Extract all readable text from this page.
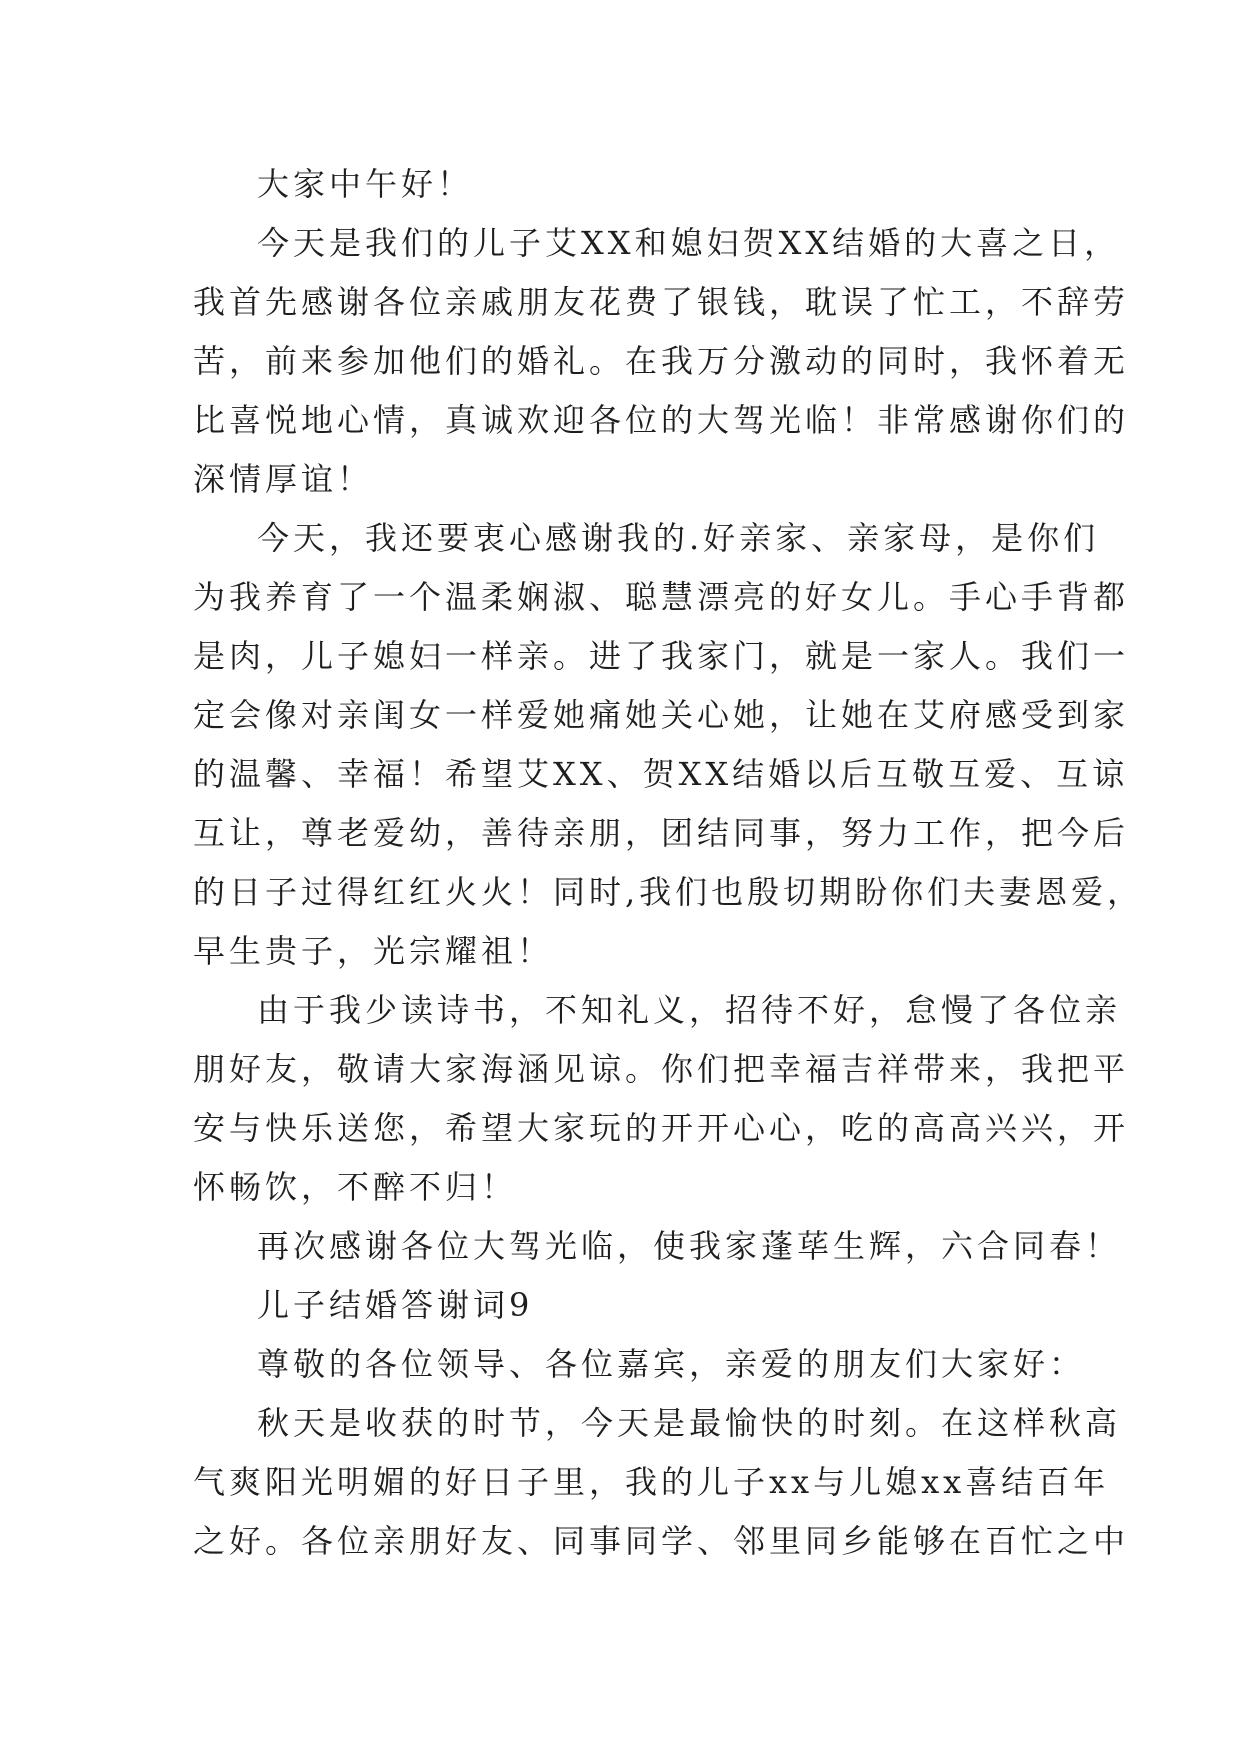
大家中午好！
今天是我们的儿子艾XX和媳妇贺XX结婚的大喜之日，
我首先感谢各位亲戚朋友花费了银钱，耽误了忙工，不辞劳
苦，前来参加他们的婚礼。在我万分激动的同时，我怀着无
比喜悦地心情，真诚欢迎各位的大驾光临！非常感谢你们的
深情厚谊！
今天，我还要衷心感谢我的.好亲家、亲家母，是你们
为我养育了一个温柔娴淑、聪慧漂亮的好女儿。手心手背都
是肉，儿子媳妇一样亲。进了我家门，就是一家人。我们一
定会像对亲闺女一样爱她痛她关心她，让她在艾府感受到家
的温馨、幸福！希望艾XX、贺XX结婚以后互敬互爱、互谅
互让，尊老爱幼，善待亲朋，团结同事，努力工作，把今后
的日子过得红红火火！同时,我们也殷切期盼你们夫妻恩爱，
早生贵子，光宗耀祖！
由于我少读诗书，不知礼义，招待不好，怠慢了各位亲
朋好友，敬请大家海涵见谅。你们把幸福吉祥带来，我把平
安与快乐送您，希望大家玩的开开心心，吃的高高兴兴，开
怀畅饮，不醉不归！
再次感谢各位大驾光临，使我家蓬荜生辉，六合同春！
儿子结婚答谢词9
尊敬的各位领导、各位嘉宾，亲爱的朋友们大家好：
秋天是收获的时节，今天是最愉快的时刻。在这样秋高
气爽阳光明媚的好日子里，我的儿子xx与儿媳xx喜结百年
之好。各位亲朋好友、同事同学、邻里同乡能够在百忙之中
